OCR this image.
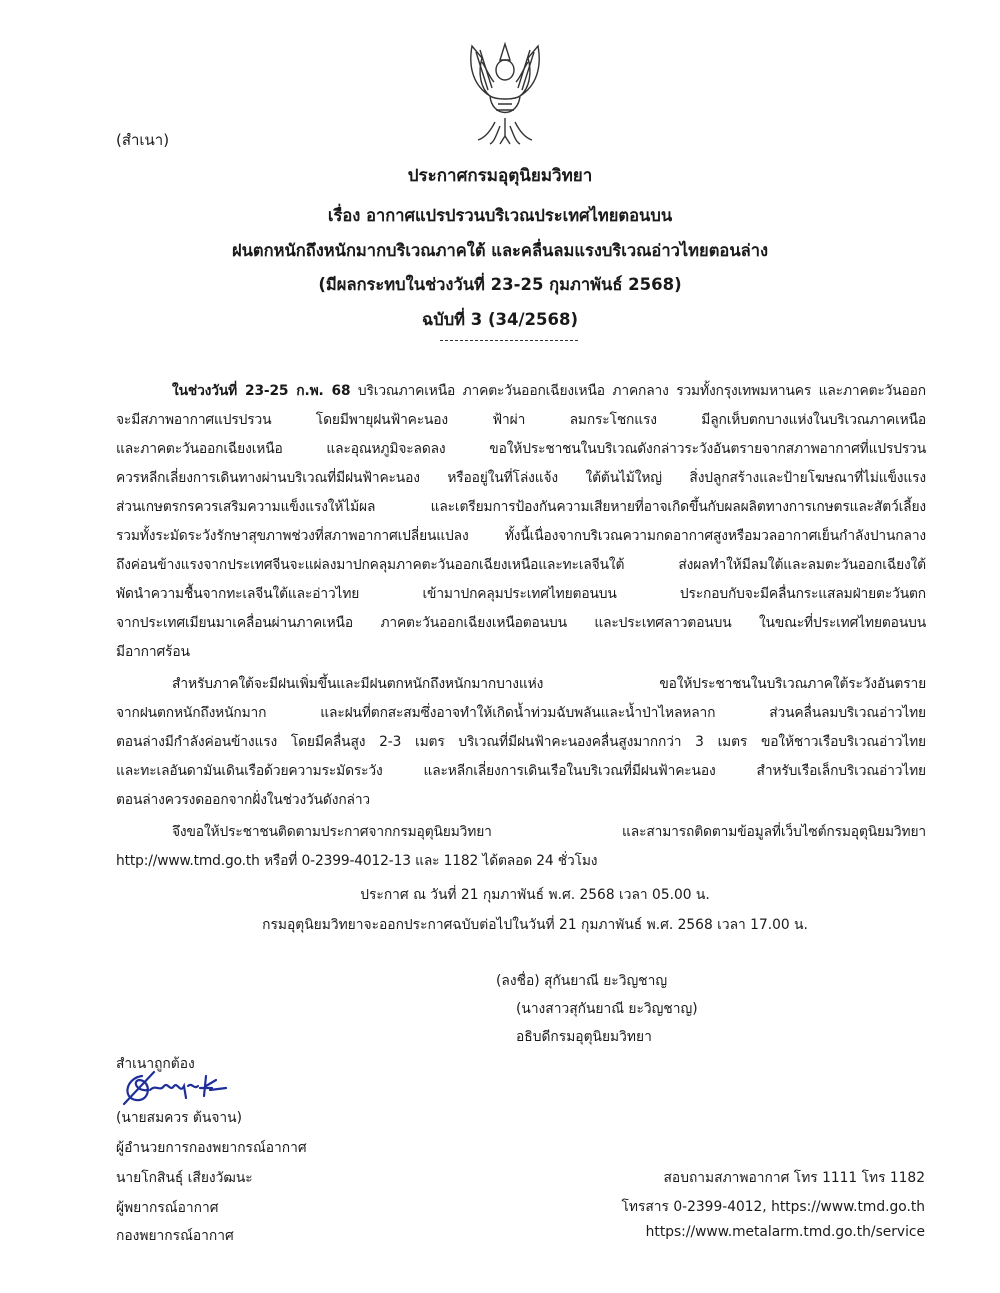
(สำเนา)
ประกาศกรมอุตุนิยมวิทยา
เรื่อง อากาศแปรปรวนบริเวณประเทศไทยตอนบน
ฝนตกหนักถึงหนักมากบริเวณภาคใต้ และคลื่นลมแรงบริเวณอ่าวไทยตอนล่าง
(มีผลกระทบในช่วงวันที่ 23-25 กุมภาพันธ์ 2568)
ฉบับที่ 3 (34/2568)
ในช่วงวันที่ 23-25 ก.พ. 68 บริเวณภาคเหนือ ภาคตะวันออกเฉียงเหนือ ภาคกลาง รวมทั้งกรุงเทพมหานคร และภาคตะวันออก
จะมีสภาพอากาศแปรปรวน โดยมีพายุฝนฟ้าคะนอง ฟ้าผ่า ลมกระโชกแรง มีลูกเห็บตกบางแห่งในบริเวณภาคเหนือ
และภาคตะวันออกเฉียงเหนือ และอุณหภูมิจะลดลง ขอให้ประชาชนในบริเวณดังกล่าวระวังอันตรายจากสภาพอากาศที่แปรปรวน
ควรหลีกเลี่ยงการเดินทางผ่านบริเวณที่มีฝนฟ้าคะนอง หรืออยู่ในที่โล่งแจ้ง ใต้ต้นไม้ใหญ่ สิ่งปลูกสร้างและป้ายโฆษณาที่ไม่แข็งแรง
ส่วนเกษตรกรควรเสริมความแข็งแรงให้ไม้ผล และเตรียมการป้องกันความเสียหายที่อาจเกิดขึ้นกับผลผลิตทางการเกษตรและสัตว์เลี้ยง
รวมทั้งระมัดระวังรักษาสุขภาพช่วงที่สภาพอากาศเปลี่ยนแปลง ทั้งนี้เนื่องจากบริเวณความกดอากาศสูงหรือมวลอากาศเย็นกำลังปานกลาง
ถึงค่อนข้างแรงจากประเทศจีนจะแผ่ลงมาปกคลุมภาคตะวันออกเฉียงเหนือและทะเลจีนใต้ ส่งผลทำให้มีลมใต้และลมตะวันออกเฉียงใต้
พัดนำความชื้นจากทะเลจีนใต้และอ่าวไทย เข้ามาปกคลุมประเทศไทยตอนบน ประกอบกับจะมีคลื่นกระแสลมฝ่ายตะวันตก
จากประเทศเมียนมาเคลื่อนผ่านภาคเหนือ ภาคตะวันออกเฉียงเหนือตอนบน และประเทศลาวตอนบน ในขณะที่ประเทศไทยตอนบน
มีอากาศร้อน
สำหรับภาคใต้จะมีฝนเพิ่มขึ้นและมีฝนตกหนักถึงหนักมากบางแห่ง ขอให้ประชาชนในบริเวณภาคใต้ระวังอันตราย
จากฝนตกหนักถึงหนักมาก และฝนที่ตกสะสมซึ่งอาจทำให้เกิดน้ำท่วมฉับพลันและน้ำป่าไหลหลาก ส่วนคลื่นลมบริเวณอ่าวไทย
ตอนล่างมีกำลังค่อนข้างแรง โดยมีคลื่นสูง 2-3 เมตร บริเวณที่มีฝนฟ้าคะนองคลื่นสูงมากกว่า 3 เมตร ขอให้ชาวเรือบริเวณอ่าวไทย
และทะเลอันดามันเดินเรือด้วยความระมัดระวัง และหลีกเลี่ยงการเดินเรือในบริเวณที่มีฝนฟ้าคะนอง สำหรับเรือเล็กบริเวณอ่าวไทย
ตอนล่างควรงดออกจากฝั่งในช่วงวันดังกล่าว
จึงขอให้ประชาชนติดตามประกาศจากกรมอุตุนิยมวิทยา และสามารถติดตามข้อมูลที่เว็บไซต์กรมอุตุนิยมวิทยา
http://www.tmd.go.th หรือที่ 0-2399-4012-13 และ 1182 ได้ตลอด 24 ชั่วโมง
ประกาศ ณ วันที่ 21 กุมภาพันธ์ พ.ศ. 2568 เวลา 05.00 น.
กรมอุตุนิยมวิทยาจะออกประกาศฉบับต่อไปในวันที่ 21 กุมภาพันธ์ พ.ศ. 2568 เวลา 17.00 น.
(ลงชื่อ) สุกันยาณี ยะวิญชาญ
(นางสาวสุกันยาณี ยะวิญชาญ)
อธิบดีกรมอุตุนิยมวิทยา
สำเนาถูกต้อง
(นายสมควร ต้นจาน)
ผู้อำนวยการกองพยากรณ์อากาศ
นายโกสินธุ์ เสียงวัฒนะ
ผู้พยากรณ์อากาศ
กองพยากรณ์อากาศ
สอบถามสภาพอากาศ โทร 1111 โทร 1182
โทรสาร 0-2399-4012, https://www.tmd.go.th
https://www.metalarm.tmd.go.th/service
